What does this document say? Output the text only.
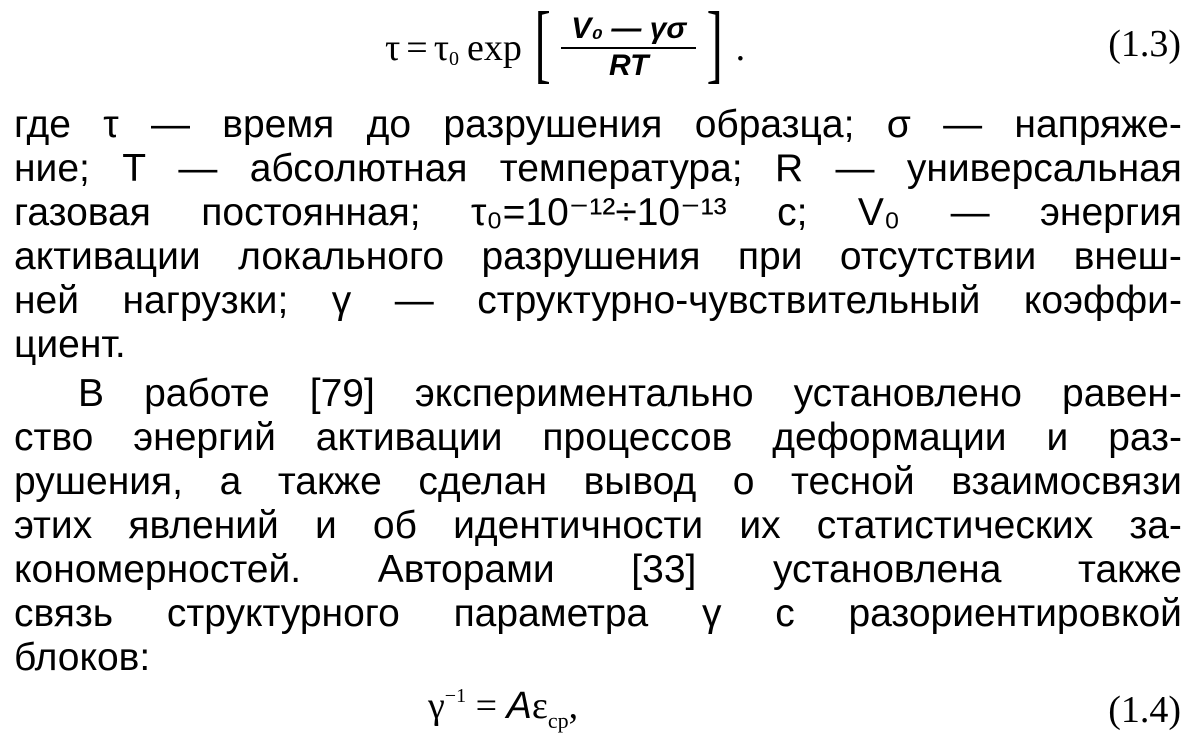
τ = τ 0 exp [ $\frac{\text{V₀ — γσ}}{RT}$ ] .	(1.3)
где τ — время до разрушения образца; σ — напряже-
ние; T — абсолютная температура; R — универсальная
газовая постоянная; τ₀=10⁻¹²÷10⁻¹³ с; V₀ — энергия
активации локального разрушения при отсутствии внеш-
ней нагрузки; γ — структурно-чувствительный коэффи-
циент.
В работе [79] экспериментально установлено равен-
ство энергий активации процессов деформации и раз-
рушения, а также сделан вывод о тесной взаимосвязи
этих явлений и об идентичности их статистических за-
кономерностей. Авторами [33] установлена также
связь структурного параметра γ с разориентировкой
блоков:
$\gamma^{-1} = A\varepsilon_{ср}$,	(1.4)
